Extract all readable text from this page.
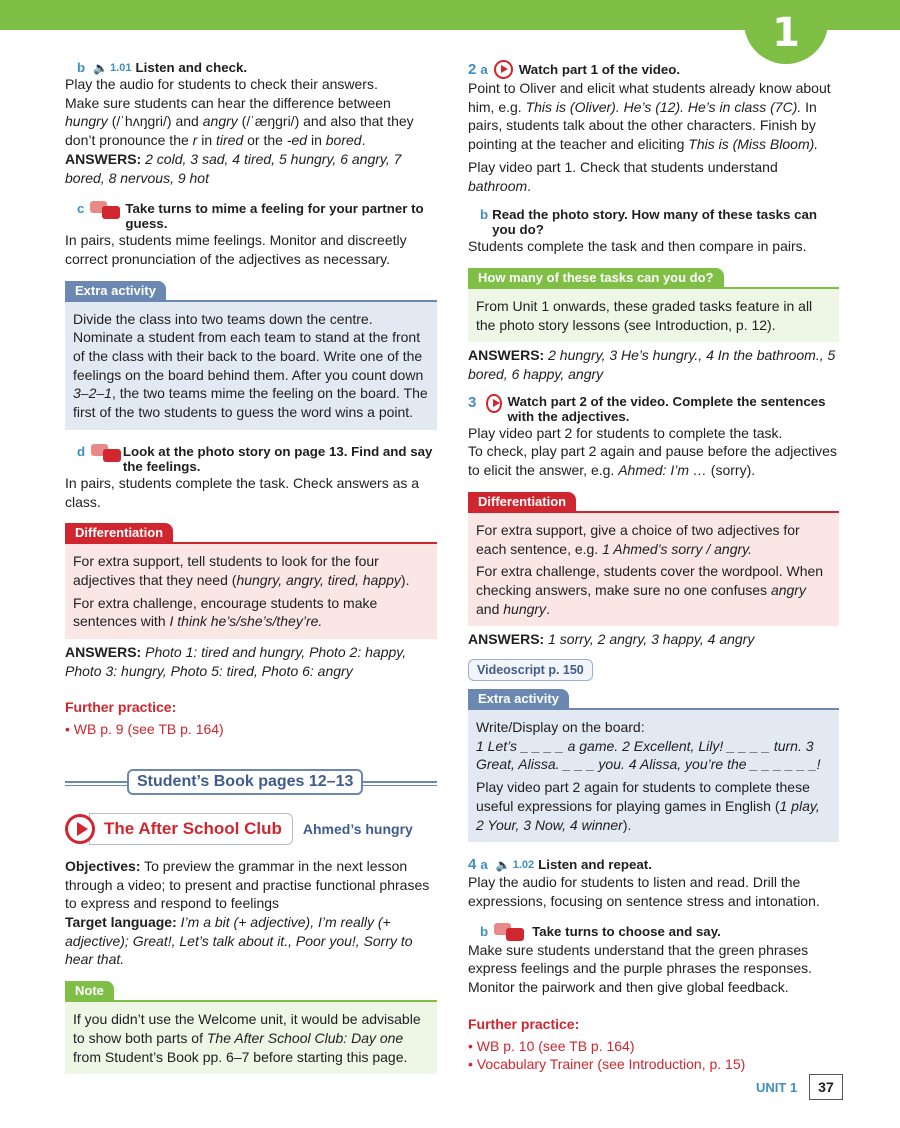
1
b 🔈 1.01 Listen and check.

Play the audio for students to check their answers.

Make sure students can hear the difference between hungry (/ˈhʌŋɡri/) and angry (/ˈæŋɡri/) and also that they don’t pronounce the r in tired or the -ed in bored.

ANSWERS: 2 cold, 3 sad, 4 tired, 5 hungry, 6 angry, 7 bored, 8 nervous, 9 hot

c	Take turns to mime a feeling for your partner to guess.

In pairs, students mime feelings. Monitor and discreetly correct pronunciation of the adjectives as necessary.

Extra activity

Divide the class into two teams down the centre. Nominate a student from each team to stand at the front of the class with their back to the board. Write one of the feelings on the board behind them. After you count down 3–2–1, the two teams mime the feeling on the board. The first of the two students to guess the word wins a point.

d	Look at the photo story on page 13. Find and say the feelings.

In pairs, students complete the task. Check answers as a class.

Differentiation

For extra support, tell students to look for the four adjectives that they need (hungry, angry, tired, happy).

For extra challenge, encourage students to make sentences with I think he’s/she’s/they’re.

ANSWERS: Photo 1: tired and hungry, Photo 2: happy, Photo 3: hungry, Photo 5: tired, Photo 6: angry

Further practice:

• WB p. 9 (see TB p. 164)
Student’s Book pages 12–13
The After School Club	Ahmed’s hungry

Objectives: To preview the grammar in the next lesson through a video; to present and practise functional phrases to express and respond to feelings

Target language: I’m a bit (+ adjective), I’m really (+ adjective); Great!, Let’s talk about it., Poor you!, Sorry to hear that.

Note

If you didn’t use the Welcome unit, it would be advisable to show both parts of The After School Club: Day one from Student’s Book pp. 6–7 before starting this page.

2 a Watch part 1 of the video.

Point to Oliver and elicit what students already know about him, e.g. This is (Oliver). He’s (12). He’s in class (7C). In pairs, students talk about the other characters. Finish by pointing at the teacher and eliciting This is (Miss Bloom).

Play video part 1. Check that students understand bathroom.

b Read the photo story. How many of these tasks can you do?

Students complete the task and then compare in pairs.

How many of these tasks can you do?

From Unit 1 onwards, these graded tasks feature in all the photo story lessons (see Introduction, p. 12).

ANSWERS: 2 hungry, 3 He’s hungry., 4 In the bathroom., 5 bored, 6 happy, angry

3 Watch part 2 of the video. Complete the sentences with the adjectives.

Play video part 2 for students to complete the task.

To check, play part 2 again and pause before the adjectives to elicit the answer, e.g. Ahmed: I’m … (sorry).

Differentiation

For extra support, give a choice of two adjectives for each sentence, e.g. 1 Ahmed’s sorry / angry.

For extra challenge, students cover the wordpool. When checking answers, make sure no one confuses angry and hungry.

ANSWERS: 1 sorry, 2 angry, 3 happy, 4 angry

Videoscript p. 150
Extra activity

Write/Display on the board:

1 Let’s _ _ _ _ a game. 2 Excellent, Lily! _ _ _ _ turn. 3 Great, Alissa. _ _ _ you. 4 Alissa, you’re the _ _ _ _ _ _!

Play video part 2 again for students to complete these useful expressions for playing games in English (1 play, 2 Your, 3 Now, 4 winner).

4 a 🔈 1.02 Listen and repeat.

Play the audio for students to listen and read. Drill the expressions, focusing on sentence stress and intonation.

b	Take turns to choose and say.

Make sure students understand that the green phrases express feelings and the purple phrases the responses. Monitor the pairwork and then give global feedback.

Further practice:

• WB p. 10 (see TB p. 164)
• Vocabulary Trainer (see Introduction, p. 15)
UNIT 1	37
